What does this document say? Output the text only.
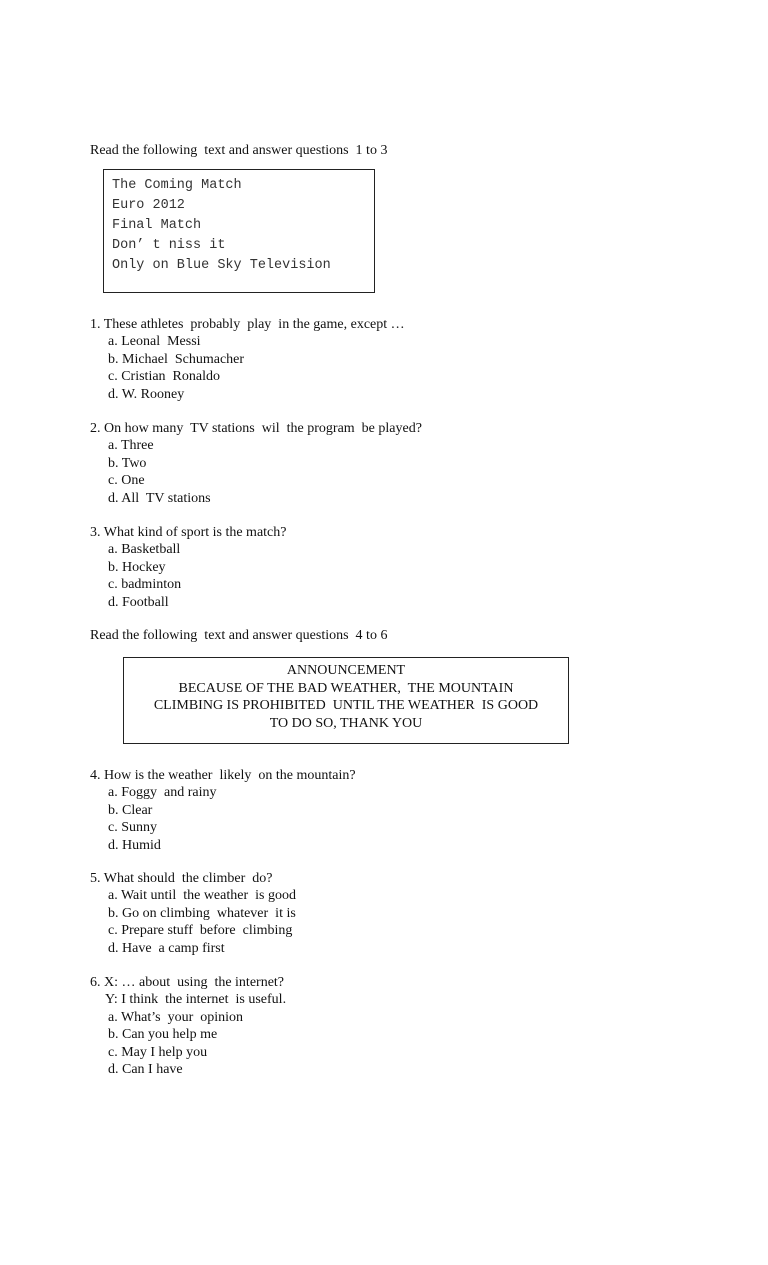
Read the following  text and answer questions  1 to 3
The Coming Match
Euro 2012
Final Match
Don’ t niss it
Only on Blue Sky Television
1. These athletes  probably  play  in the game, except …
a. Leonal  Messi
b. Michael  Schumacher
c. Cristian  Ronaldo
d. W. Rooney
2. On how many  TV stations  wil  the program  be played?
a. Three
b. Two
c. One
d. All  TV stations
3. What kind of sport is the match?
a. Basketball
b. Hockey
c. badminton
d. Football
Read the following  text and answer questions  4 to 6
ANNOUNCEMENT
BECAUSE OF THE BAD WEATHER,  THE MOUNTAIN
CLIMBING IS PROHIBITED  UNTIL THE WEATHER  IS GOOD
TO DO SO, THANK YOU
4. How is the weather  likely  on the mountain?
a. Foggy  and rainy
b. Clear
c. Sunny
d. Humid
5. What should  the climber  do?
a. Wait until  the weather  is good
b. Go on climbing  whatever  it is
c. Prepare stuff  before  climbing
d. Have  a camp first
6. X: … about  using  the internet?
Y: I think  the internet  is useful.
a. What’s  your  opinion
b. Can you help me
c. May I help you
d. Can I have
